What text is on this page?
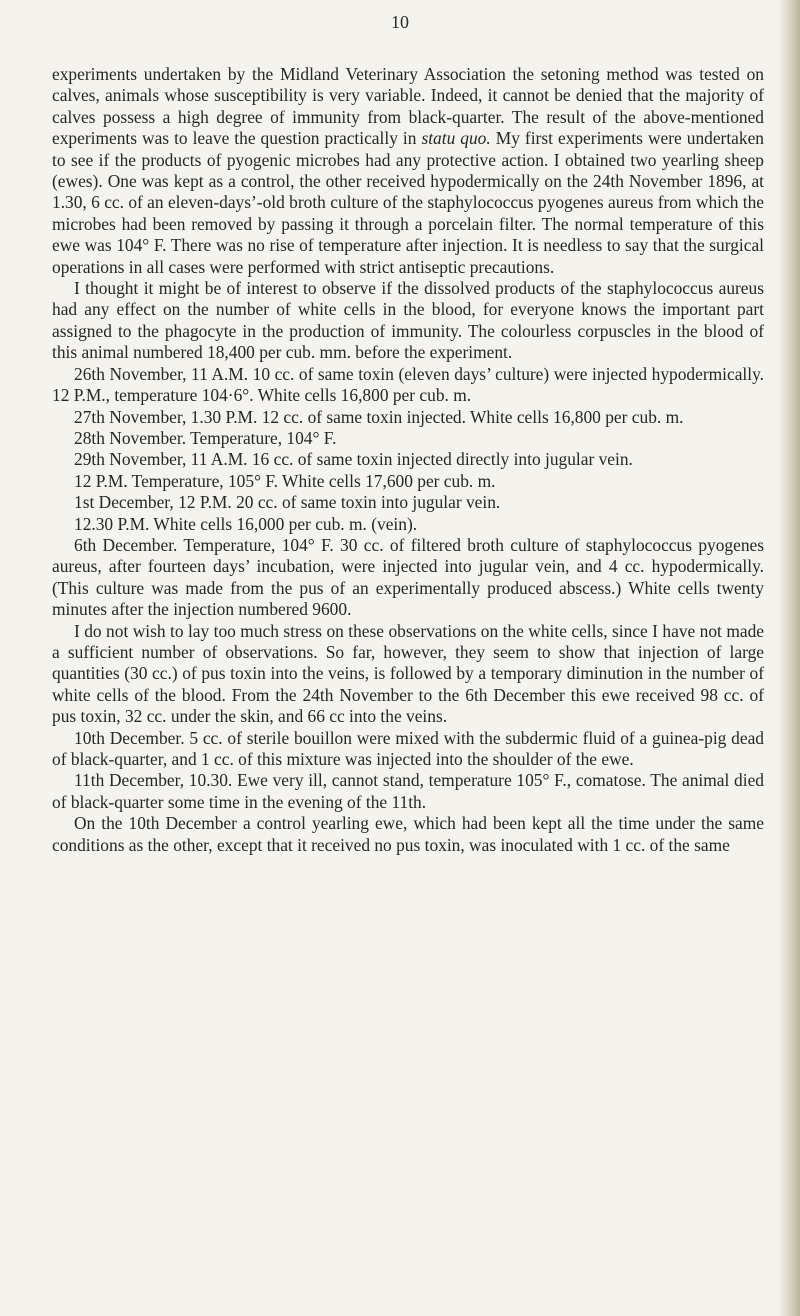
10

experiments undertaken by the Midland Veterinary Association the setoning method was tested on calves, animals whose susceptibility is very variable. Indeed, it cannot be denied that the majority of calves possess a high degree of immunity from black-quarter. The result of the above-mentioned experiments was to leave the question practically in statu quo. My first experiments were undertaken to see if the products of pyogenic microbes had any protective action. I obtained two yearling sheep (ewes). One was kept as a control, the other received hypodermically on the 24th November 1896, at 1.30, 6 cc. of an eleven-days’-old broth culture of the staphylococcus pyogenes aureus from which the microbes had been removed by passing it through a porcelain filter. The normal temperature of this ewe was 104° F. There was no rise of temperature after injection. It is needless to say that the surgical operations in all cases were performed with strict antiseptic precautions.

I thought it might be of interest to observe if the dissolved products of the staphylococcus aureus had any effect on the number of white cells in the blood, for everyone knows the important part assigned to the phagocyte in the production of immunity. The colourless corpuscles in the blood of this animal numbered 18,400 per cub. mm. before the experiment.

26th November, 11 A.M. 10 cc. of same toxin (eleven days’ culture) were injected hypodermically. 12 P.M., temperature 104·6°. White cells 16,800 per cub. m.

27th November, 1.30 P.M. 12 cc. of same toxin injected. White cells 16,800 per cub. m.

28th November. Temperature, 104° F.

29th November, 11 A.M. 16 cc. of same toxin injected directly into jugular vein.

12 P.M. Temperature, 105° F. White cells 17,600 per cub. m.

1st December, 12 P.M. 20 cc. of same toxin into jugular vein.

12.30 P.M. White cells 16,000 per cub. m. (vein).

6th December. Temperature, 104° F. 30 cc. of filtered broth culture of staphylococcus pyogenes aureus, after fourteen days’ incubation, were injected into jugular vein, and 4 cc. hypodermically. (This culture was made from the pus of an experimentally produced abscess.) White cells twenty minutes after the injection numbered 9600.

I do not wish to lay too much stress on these observations on the white cells, since I have not made a sufficient number of observations. So far, however, they seem to show that injection of large quantities (30 cc.) of pus toxin into the veins, is followed by a temporary diminution in the number of white cells of the blood. From the 24th November to the 6th December this ewe received 98 cc. of pus toxin, 32 cc. under the skin, and 66 cc into the veins.

10th December. 5 cc. of sterile bouillon were mixed with the subdermic fluid of a guinea-pig dead of black-quarter, and 1 cc. of this mixture was injected into the shoulder of the ewe.

11th December, 10.30. Ewe very ill, cannot stand, temperature 105° F., comatose. The animal died of black-quarter some time in the evening of the 11th.

On the 10th December a control yearling ewe, which had been kept all the time under the same conditions as the other, except that it received no pus toxin, was inoculated with 1 cc. of the same
